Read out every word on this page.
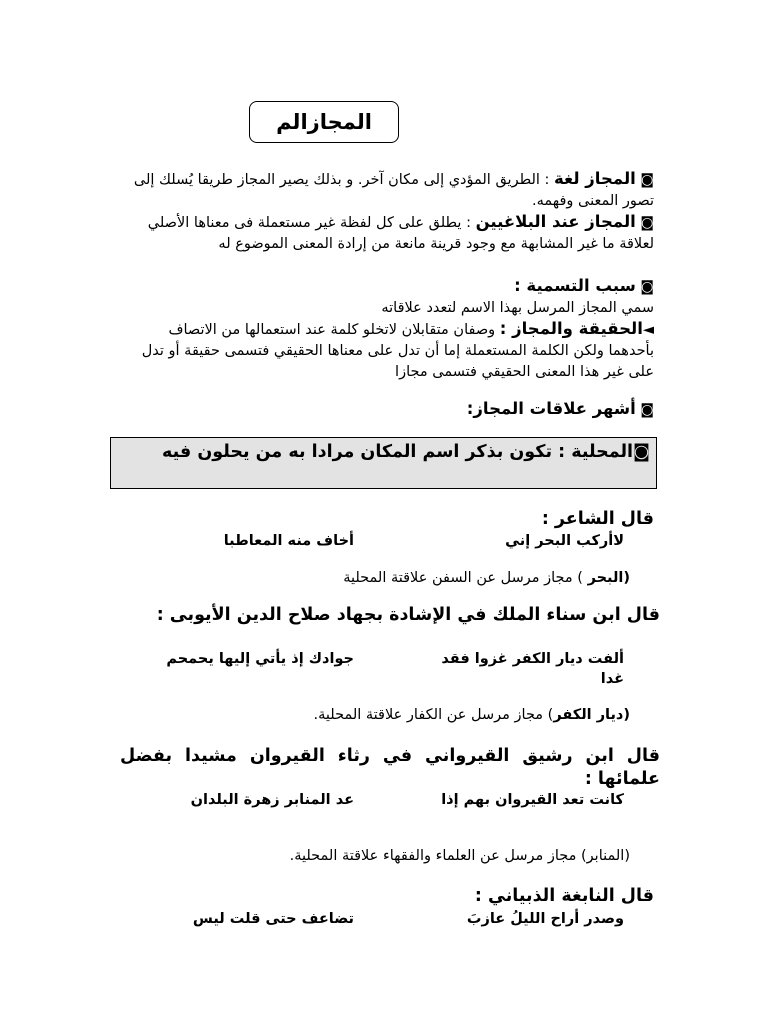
المجازالم
◙ المجاز لغة : الطريق المؤدي إلى مكان آخر. و بذلك يصير المجاز طريقا يُسلك إلى تصور المعنى وفهمه.
◙ المجاز عند البلاغيين : يطلق على كل لفظة غير مستعملة فى معناها الأصلي لعلاقة ما غير المشابهة مع وجود قرينة مانعة من إرادة المعنى الموضوع له
◙ سبب التسمية :
سمي المجاز المرسل بهذا الاسم لتعدد علاقاته
◄الحقيقة والمجاز : وصفان متقابلان لاتخلو كلمة عند استعمالها من الاتصاف بأحدهما ولكن الكلمة المستعملة إما أن تدل على معناها الحقيقي فتسمى حقيقة أو تدل على غير هذا المعنى الحقيقي فتسمى مجازا
◙ أشهر علاقات المجاز:
◙المحلية : تكون بذكر اسم المكان مرادا به من يحلون فيه
قال الشاعر :
لاأركب البحر إني
أخاف منه المعاطبا
(البحر ) مجاز مرسل عن السفن علاقتة المحلية
قال ابن سناء الملك في الإشادة بجهاد صلاح الدين الأيوبى :
ألفت ديار الكفر غزوا فقد غدا
جوادك إذ يأتي إليها يحمحم
(ديار الكفر) مجاز مرسل عن الكفار علاقتة المحلية.
قال ابن رشيق القيرواني في رثاء القيروان مشيدا بفضل علمائها :
كانت تعد القيروان بهم إذا
عد المنابر زهرة البلدان
(المنابر) مجاز مرسل عن العلماء والفقهاء علاقتة المحلية.
قال النابغة الذبياني :
وصدر أراح الليلُ عازبَ
تضاعف حتى قلت ليس
